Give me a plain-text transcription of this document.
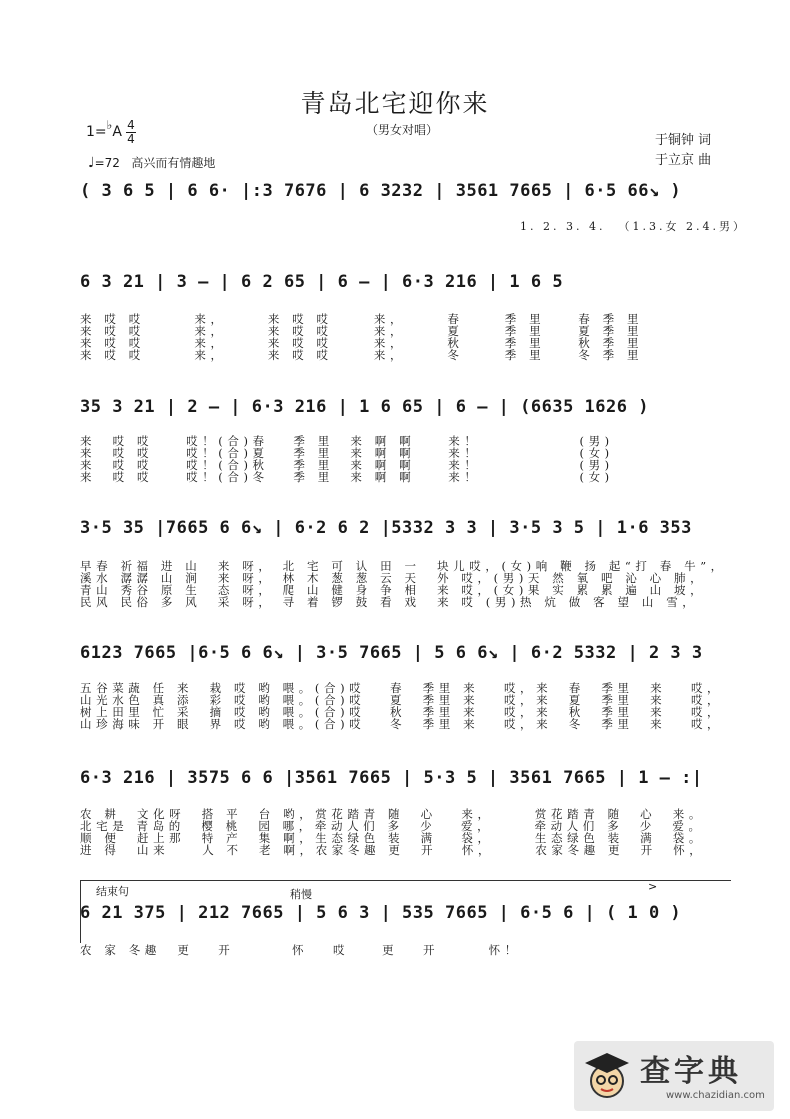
青岛北宅迎你来
（男女对唱）
于铜钟 词
于立京 曲
1=♭A 4
4
♩=72 高兴而有情趣地
( 3 6 5 | 6 6· |:3 7676 | 6 3232 | 3561 7665 | 6·5 66↘ )
1. 2. 3. 4.  （1.3.女 2.4.男）
6 3 21 | 3 – | 6 2 65 | 6 – | 6·3 216 | 1 6 5
来 哎 哎      来，     来 哎 哎     来，     春     季 里    春 季 里
来 哎 哎      来，     来 哎 哎     来，     夏     季 里    夏 季 里
来 哎 哎      来，     来 哎 哎     来，     秋     季 里    秋 季 里
来 哎 哎      来，     来 哎 哎     来，     冬     季 里    冬 季 里
35 3 21 | 2 – | 6·3 216 | 1 6 65 | 6 – | (6635 1626 )
来  哎 哎    哎！(合)春   季 里  来 啊 啊    来！            (男)
来  哎 哎    哎！(合)夏   季 里  来 啊 啊    来！            (女)
来  哎 哎    哎！(合)秋   季 里  来 啊 啊    来！            (男)
来  哎 哎    哎！(合)冬   季 里  来 啊 啊    来！            (女)
3·5 35 |7665 6 6↘ | 6·2 6 2 |5332 3 3 | 3·5 3 5 | 1·6 353
早春 祈福 进 山  来 呀， 北 宅 可 认 田 一  块儿哎，(女)响 鞭 扬 起“打 春 牛”，
溪水 潺潺 山 涧  来 呀， 林 木 葱 葱 云 天  外 哎，(男)天 然 氧 吧 沁 心 肺，
青山 秀谷 原 生  态 呀， 爬 山 健 身 争 相  来 哎，(女)果 实 累 累 遍 山 坡，
民风 民俗 多 风  采 呀， 寻 着 锣 鼓 看 戏  来 哎 (男)热 炕 做 客 望 山 雪，
6123 7665 |6·5 6 6↘ | 3·5 7665 | 5 6 6↘ | 6·2 5332 | 2 3 3
五谷菜蔬 任 来  栽 哎 哟 喂。(合)哎   春  季里 来   哎，来  春  季里  来   哎，
山光水色 真 添  彩 哎 哟 喂。(合)哎   夏  季里 来   哎，来  夏  季里  来   哎，
树上田里 忙 采  摘 哎 哟 喂。(合)哎   秋  季里 来   哎，来  秋  季里  来   哎，
山珍海味 开 眼  界 哎 哟 喂。(合)哎   冬  季里 来   哎，来  冬  季里  来   哎，
6·3 216 | 3575 6 6 |3561 7665 | 5·3 5 | 3561 7665 | 1 – :|
农 耕  文化呀  搭 平  台 哟，赏花踏青 随  心   来，     赏花踏青 随  心  来。
北宅是 青岛的  樱 桃  园 哪，牵动人们 多  少   爱，     牵动人们 多  少  爱。
顺 便  赶上那  特 产  集 啊，生态绿色 装  满   袋，     生态绿色 装  满  袋。
进 得  山来    人 不  老 啊，农家冬趣 更  开   怀，     农家冬趣 更  开  怀，
结束句	稍慢
>
6 21 375 | 212 7665 | 5 6 3 | 535 7665 | 6·5 6 | ( 1 0 )
农 家 冬趣  更   开       怀   哎    更   开      怀！
查字典
www.chazidian.com
